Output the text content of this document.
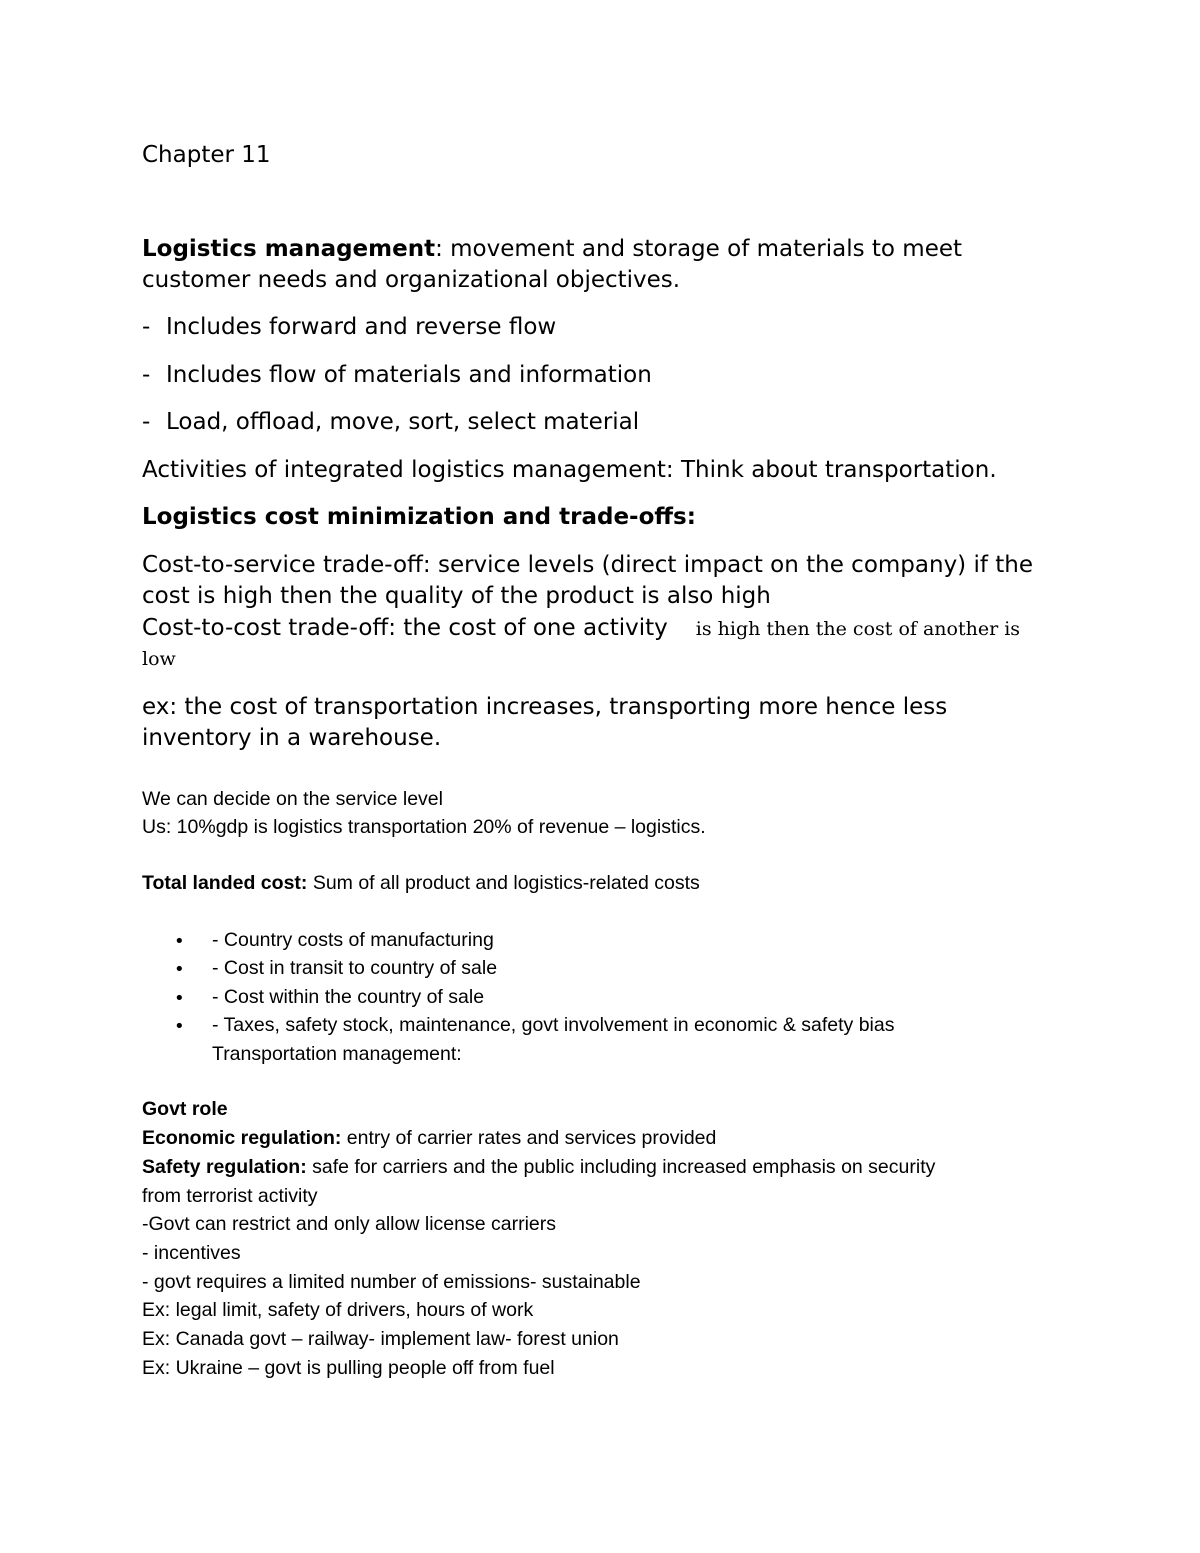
Chapter 11

Logistics management: movement and storage of materials to meet

customer needs and organizational objectives.

- Includes forward and reverse flow

- Includes flow of materials and information

- Load, offload, move, sort, select material

Activities of integrated logistics management: Think about transportation.

Logistics cost minimization and trade-offs:

Cost-to-service trade-off: service levels (direct impact on the company) if the

cost is high then the quality of the product is also high

Cost-to-cost trade-off: the cost of one activity is high then the cost of another is

low

ex: the cost of transportation increases, transporting more hence less

inventory in a warehouse.

We can decide on the service level

Us: 10%gdp is logistics transportation 20% of revenue – logistics.

Total landed cost: Sum of all product and logistics-related costs

• - Country costs of manufacturing
• - Cost in transit to country of sale
• - Cost within the country of sale
• - Taxes, safety stock, maintenance, govt involvement in economic & safety bias
Transportation management:

Govt role

Economic regulation: entry of carrier rates and services provided

Safety regulation: safe for carriers and the public including increased emphasis on security

from terrorist activity

-Govt can restrict and only allow license carriers

- incentives

- govt requires a limited number of emissions- sustainable

Ex: legal limit, safety of drivers, hours of work

Ex: Canada govt – railway- implement law- forest union

Ex: Ukraine – govt is pulling people off from fuel
